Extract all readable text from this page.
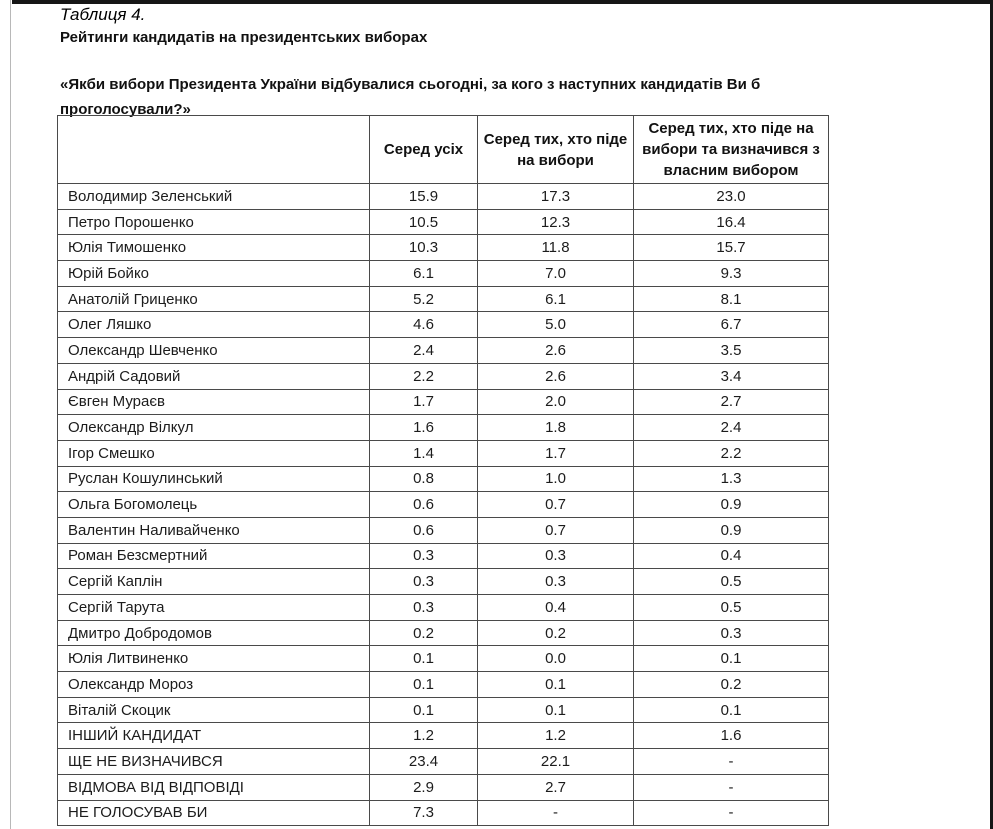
Таблиця 4.
Рейтинги кандидатів на президентських виборах
«Якби вибори Президента України відбувалися сьогодні, за кого з наступних кандидатів Ви б проголосували?»
	Серед усіх	Серед тих, хто піде на вибори	Серед тих, хто піде на вибори та визначився з власним вибором
Володимир Зеленський	15.9	17.3	23.0
Петро Порошенко	10.5	12.3	16.4
Юлія Тимошенко	10.3	11.8	15.7
Юрій Бойко	6.1	7.0	9.3
Анатолій Гриценко	5.2	6.1	8.1
Олег Ляшко	4.6	5.0	6.7
Олександр Шевченко	2.4	2.6	3.5
Андрій Садовий	2.2	2.6	3.4
Євген Мураєв	1.7	2.0	2.7
Олександр Вілкул	1.6	1.8	2.4
Ігор Смешко	1.4	1.7	2.2
Руслан Кошулинський	0.8	1.0	1.3
Ольга Богомолець	0.6	0.7	0.9
Валентин Наливайченко	0.6	0.7	0.9
Роман Безсмертний	0.3	0.3	0.4
Сергій Каплін	0.3	0.3	0.5
Сергій Тарута	0.3	0.4	0.5
Дмитро Добродомов	0.2	0.2	0.3
Юлія Литвиненко	0.1	0.0	0.1
Олександр Мороз	0.1	0.1	0.2
Віталій Скоцик	0.1	0.1	0.1
ІНШИЙ КАНДИДАТ	1.2	1.2	1.6
ЩЕ НЕ ВИЗНАЧИВСЯ	23.4	22.1	-
ВІДМОВА ВІД ВІДПОВІДІ	2.9	2.7	-
НЕ ГОЛОСУВАВ БИ	7.3	-	-
